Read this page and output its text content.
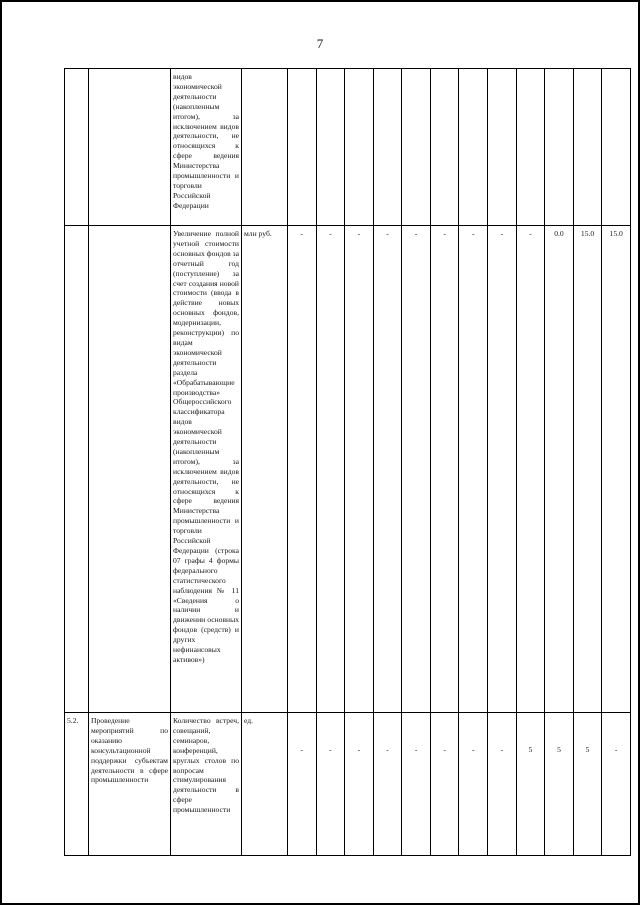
7
		видов экономической деятельности (накопленным итогом), за исключением видов деятельности, не относящихся к сфере ведения Министерства промышленности и торговли Российской Федерации													
		Увеличение полной учетной стоимости основных фондов за отчетный год (поступление) за счет создания новой стоимости (ввода в действие новых основных фондов, модернизации, реконструкции) по видам экономической деятельности раздела «Обрабатывающие производства» Общероссийского классификатора видов экономической деятельности (накопленным итогом), за исключением видов деятельности, не относящихся к сфере ведения Министерства промышленности и торговли Российской Федерации (строка 07 графы 4 формы федерального статистического наблюдения № 11 «Сведения о наличии и движении основных фондов (средств) и других нефинансовых активов»)	млн руб.	-	-	-	-	-	-	-	-	-	0.0	15.0	15.0
5.2.	Проведение мероприятий по оказанию консультационной поддержки субъектам деятельности в сфере промышленности	Количество встреч, совещаний, семинаров, конференций, круглых столов по вопросам стимулирования деятельности в сфере промышленности	ед.	-	-	-	-	-	-	-	-	5	5	5	-
